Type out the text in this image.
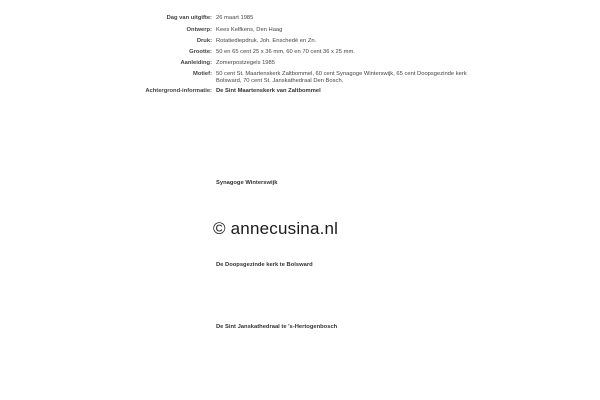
Dag van uitgifte: 26 maart 1985
Ontwerp: Kees Kelfkens, Den Haag
Druk: Rotatiediepdruk, Joh. Enschedé en Zn.
Grootte: 50 en 65 cent 25 x 36 mm, 60 en 70 cent 36 x 25 mm.
Aanleiding: Zomerpostzegels 1985
Motief: 50 cent St. Maartenskerk Zaltbommel, 60 cent Synagoge Winterswijk, 65 cent Doopsgezinde kerk Bolsward, 70 cent St. Janskathedraal Den Bosch.
Achtergrond-informatie: De Sint Maartenskerk van Zaltbommel

Synagoge Winterswijk

De Doopsgezinde kerk te Bolsward

De Sint Janskathedraal te 's-Hertogenbosch

© annecusina.nl
